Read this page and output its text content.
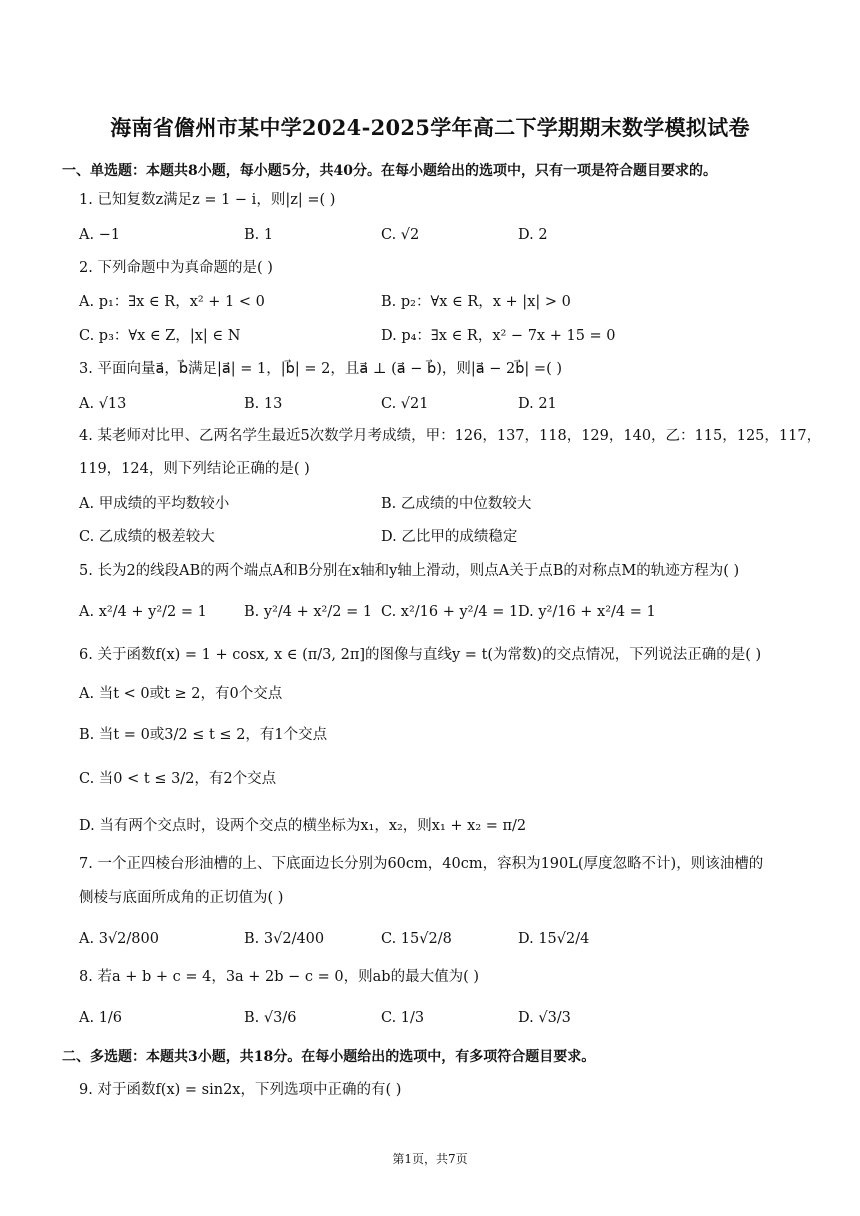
海南省儋州市某中学2024-2025学年高二下学期期末数学模拟试卷
一、单选题：本题共8小题，每小题5分，共40分。在每小题给出的选项中，只有一项是符合题目要求的。
1. 已知复数z满足z = 1 − i，则|z| =( )
A. −1	B. 1	C. √2	D. 2
2. 下列命题中为真命题的是( )
A. p₁：∃x ∈ R，x² + 1 < 0	B. p₂：∀x ∈ R，x + |x| > 0
C. p₃：∀x ∈ Z，|x| ∈ N	D. p₄：∃x ∈ R，x² − 7x + 15 = 0
3. 平面向量a⃗，b⃗满足|a⃗| = 1，|b⃗| = 2，且a⃗ ⊥ (a⃗ − b⃗)，则|a⃗ − 2b⃗| =( )
A. √13	B. 13	C. √21	D. 21
4. 某老师对比甲、乙两名学生最近5次数学月考成绩，甲：126，137，118，129，140，乙：115，125，117，
119，124，则下列结论正确的是( )
A. 甲成绩的平均数较小	B. 乙成绩的中位数较大
C. 乙成绩的极差较大	D. 乙比甲的成绩稳定
5. 长为2的线段AB的两个端点A和B分别在x轴和y轴上滑动，则点A关于点B的对称点M的轨迹方程为( )
A. x²/4 + y²/2 = 1	B. y²/4 + x²/2 = 1 C. x²/16 + y²/4 = 1 D. y²/16 + x²/4 = 1
6. 关于函数f(x) = 1 + cosx, x ∈ (π/3, 2π]的图像与直线y = t(为常数)的交点情况，下列说法正确的是( )
A. 当t < 0或t ≥ 2，有0个交点
B. 当t = 0或3/2 ≤ t ≤ 2，有1个交点
C. 当0 < t ≤ 3/2，有2个交点
D. 当有两个交点时，设两个交点的横坐标为x₁，x₂，则x₁ + x₂ = π/2
7. 一个正四棱台形油槽的上、下底面边长分别为60cm，40cm，容积为190L(厚度忽略不计)，则该油槽的
侧棱与底面所成角的正切值为( )
A. 3√2/800	B. 3√2/400	C. 15√2/8	D. 15√2/4
8. 若a + b + c = 4，3a + 2b − c = 0，则ab的最大值为( )
A. 1/6	B. √3/6	C. 1/3	D. √3/3
二、多选题：本题共3小题，共18分。在每小题给出的选项中，有多项符合题目要求。
9. 对于函数f(x) = sin2x，下列选项中正确的有( )
第1页，共7页
